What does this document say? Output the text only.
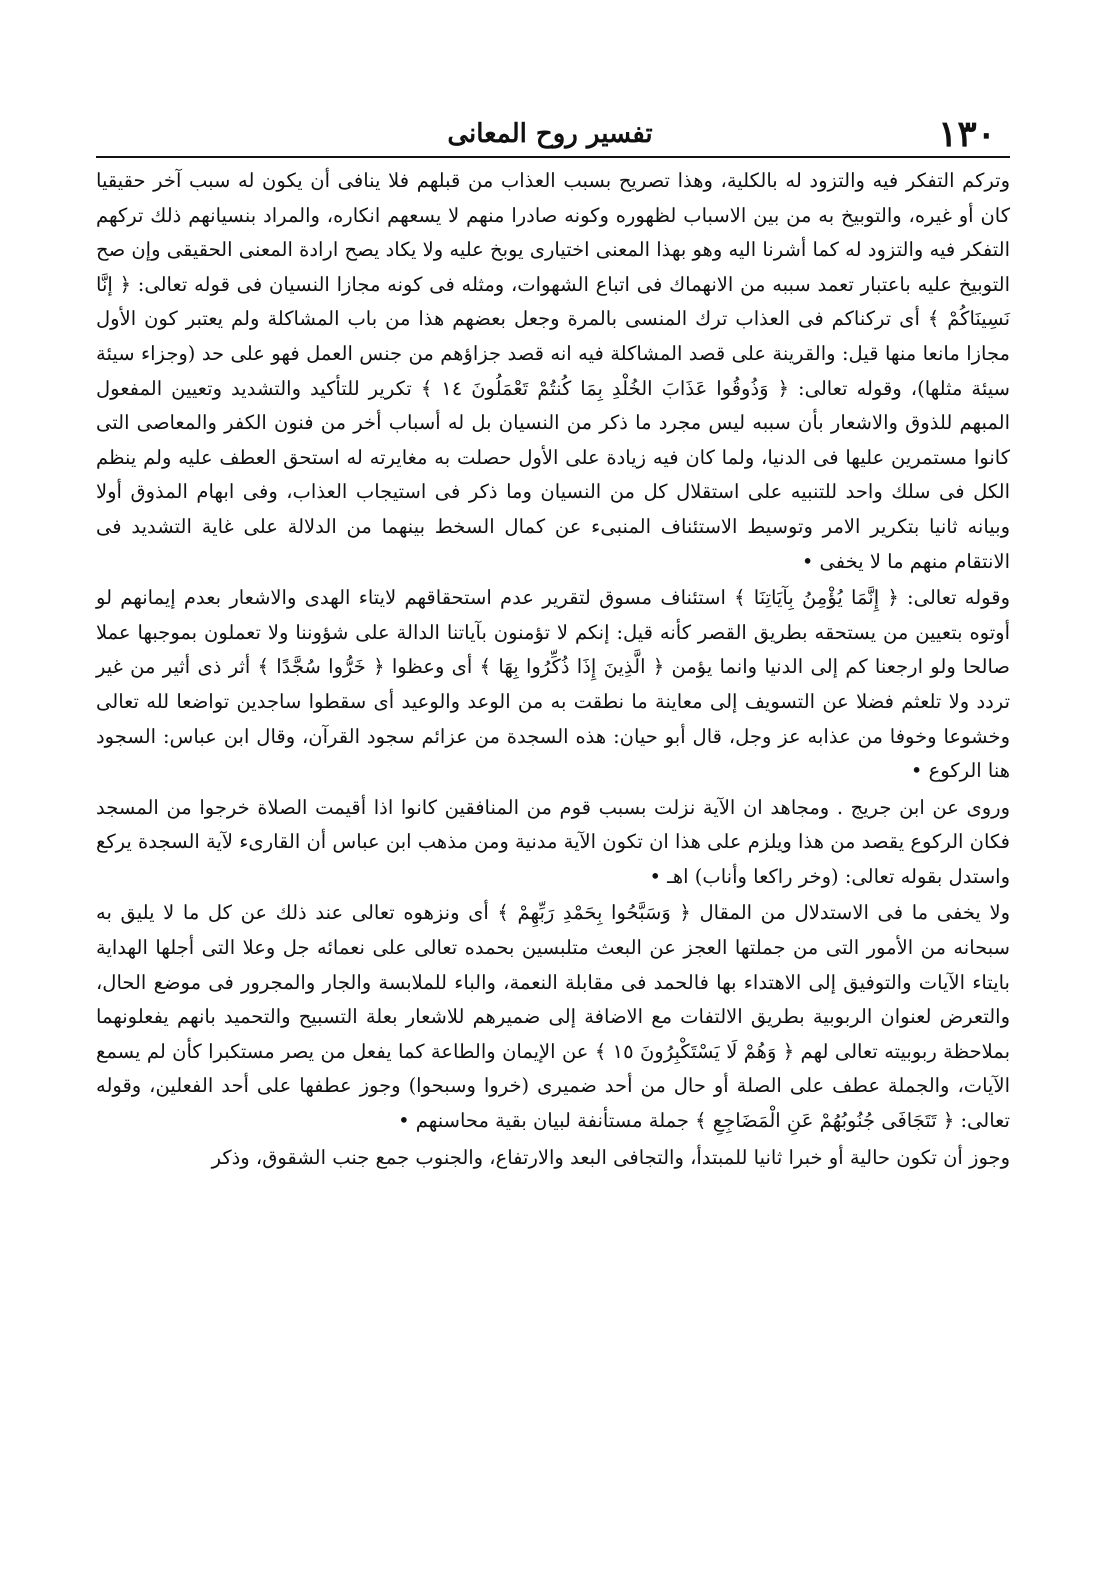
١٣٠
تفسير روح المعانى

وتركم التفكر فيه والتزود له بالكلية، وهذا تصريح بسبب العذاب من قبلهم فلا ينافى أن يكون له سبب آخر حقيقيا كان أو غيره، والتوبيخ به من بين الاسباب لظهوره وكونه صادرا منهم لا يسعهم انكاره، والمراد بنسيانهم ذلك تركهم التفكر فيه والتزود له كما أشرنا اليه وهو بهذا المعنى اختيارى يوبخ عليه ولا يكاد يصح ارادة المعنى الحقيقى وإن صح التوبيخ عليه باعتبار تعمد سببه من الانهماك فى اتباع الشهوات، ومثله فى كونه مجازا النسيان فى قوله تعالى: ﴿ إنَّا نَسِينَاكُمْ ﴾ أى تركناكم فى العذاب ترك المنسى بالمرة وجعل بعضهم هذا من باب المشاكلة ولم يعتبر كون الأول مجازا مانعا منها قيل: والقرينة على قصد المشاكلة فيه انه قصد جزاؤهم من جنس العمل فهو على حد (وجزاء سيئة سيئة مثلها)، وقوله تعالى: ﴿ وَذُوقُوا عَذَابَ الخُلْدِ بِمَا كُنتُمْ تَعْمَلُونَ ١٤ ﴾ تكرير للتأكيد والتشديد وتعيين المفعول المبهم للذوق والاشعار بأن سببه ليس مجرد ما ذكر من النسيان بل له أسباب أخر من فنون الكفر والمعاصى التى كانوا مستمرين عليها فى الدنيا، ولما كان فيه زيادة على الأول حصلت به مغايرته له استحق العطف عليه ولم ينظم الكل فى سلك واحد للتنبيه على استقلال كل من النسيان وما ذكر فى استيجاب العذاب، وفى ابهام المذوق أولا وبيانه ثانيا بتكرير الامر وتوسيط الاستئناف المنبىء عن كمال السخط بينهما من الدلالة على غاية التشديد فى الانتقام منهم ما لا يخفى •

وقوله تعالى: ﴿ إِنَّمَا يُؤْمِنُ بِآيَاتِنَا ﴾ استئناف مسوق لتقرير عدم استحقاقهم لايتاء الهدى والاشعار بعدم إيمانهم لو أوتوه بتعيين من يستحقه بطريق القصر كأنه قيل: إنكم لا تؤمنون بآياتنا الدالة على شؤوننا ولا تعملون بموجبها عملا صالحا ولو ارجعنا كم إلى الدنيا وانما يؤمن ﴿ الَّذِينَ إِذَا ذُكِّرُوا بِهَا ﴾ أى وعظوا ﴿ خَرُّوا سُجَّدًا ﴾ أثر ذى أثير من غير تردد ولا تلعثم فضلا عن التسويف إلى معاينة ما نطقت به من الوعد والوعيد أى سقطوا ساجدين تواضعا لله تعالى وخشوعا وخوفا من عذابه عز وجل، قال أبو حيان: هذه السجدة من عزائم سجود القرآن، وقال ابن عباس: السجود هنا الركوع •

وروى عن ابن جريج . ومجاهد ان الآية نزلت بسبب قوم من المنافقين كانوا اذا أقيمت الصلاة خرجوا من المسجد فكان الركوع يقصد من هذا ويلزم على هذا ان تكون الآية مدنية ومن مذهب ابن عباس أن القارىء لآية السجدة يركع واستدل بقوله تعالى: (وخر راكعا وأناب) اهـ •

ولا يخفى ما فى الاستدلال من المقال ﴿ وَسَبَّحُوا بِحَمْدِ رَبِّهِمْ ﴾ أى ونزهوه تعالى عند ذلك عن كل ما لا يليق به سبحانه من الأمور التى من جملتها العجز عن البعث متلبسين بحمده تعالى على نعمائه جل وعلا التى أجلها الهداية بايتاء الآيات والتوفيق إلى الاهتداء بها فالحمد فى مقابلة النعمة، والباء للملابسة والجار والمجرور فى موضع الحال، والتعرض لعنوان الربوبية بطريق الالتفات مع الاضافة إلى ضميرهم للاشعار بعلة التسبيح والتحميد بانهم يفعلونهما بملاحظة ربوبيته تعالى لهم ﴿ وَهُمْ لَا يَسْتَكْبِرُونَ ١٥ ﴾ عن الإيمان والطاعة كما يفعل من يصر مستكبرا كأن لم يسمع الآيات، والجملة عطف على الصلة أو حال من أحد ضميرى (خروا وسبحوا) وجوز عطفها على أحد الفعلين، وقوله تعالى: ﴿ تَتَجَافَى جُنُوبُهُمْ عَنِ الْمَضَاجِعِ ﴾ جملة مستأنفة لبيان بقية محاسنهم •

وجوز أن تكون حالية أو خبرا ثانيا للمبتدأ، والتجافى البعد والارتفاع، والجنوب جمع جنب الشقوق، وذكر
